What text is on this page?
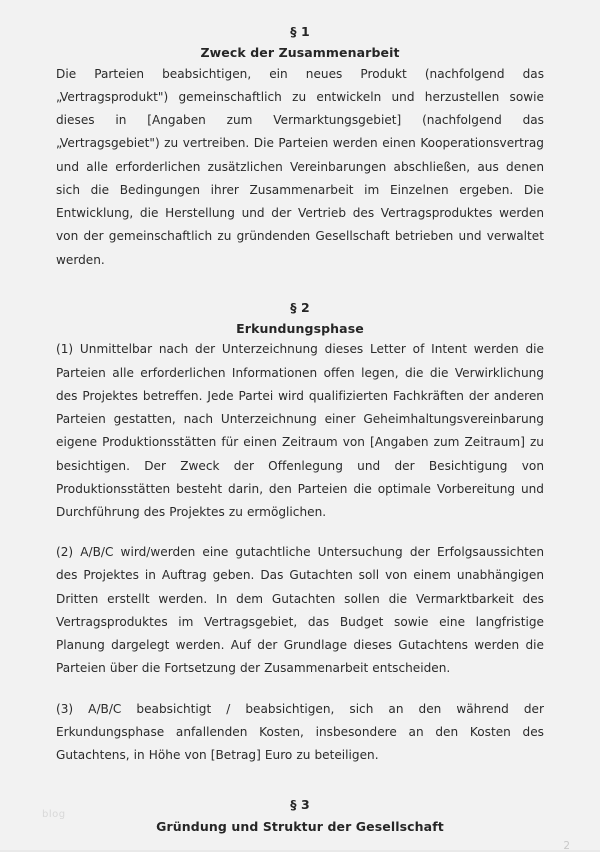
§ 1
Zweck der Zusammenarbeit

Die Parteien beabsichtigen, ein neues Produkt (nachfolgend das „Vertragsprodukt") gemeinschaftlich zu entwickeln und herzustellen sowie dieses in [Angaben zum Vermarktungsgebiet] (nachfolgend das „Vertragsgebiet") zu vertreiben. Die Parteien werden einen Kooperationsvertrag und alle erforderlichen zusätzlichen Vereinbarungen abschließen, aus denen sich die Bedingungen ihrer Zusammenarbeit im Einzelnen ergeben. Die Entwicklung, die Herstellung und der Vertrieb des Vertragsproduktes werden von der gemeinschaftlich zu gründenden Gesellschaft betrieben und verwaltet werden.

§ 2
Erkundungsphase

(1) Unmittelbar nach der Unterzeichnung dieses Letter of Intent werden die Parteien alle erforderlichen Informationen offen legen, die die Verwirklichung des Projektes betreffen. Jede Partei wird qualifizierten Fachkräften der anderen Parteien gestatten, nach Unterzeichnung einer Geheimhaltungsvereinbarung eigene Produktionsstätten für einen Zeitraum von [Angaben zum Zeitraum] zu besichtigen. Der Zweck der Offenlegung und der Besichtigung von Produktionsstätten besteht darin, den Parteien die optimale Vorbereitung und Durchführung des Projektes zu ermöglichen.

(2) A/B/C wird/werden eine gutachtliche Untersuchung der Erfolgsaussichten des Projektes in Auftrag geben. Das Gutachten soll von einem unabhängigen Dritten erstellt werden. In dem Gutachten sollen die Vermarktbarkeit des Vertragsproduktes im Vertragsgebiet, das Budget sowie eine langfristige Planung dargelegt werden. Auf der Grundlage dieses Gutachtens werden die Parteien über die Fortsetzung der Zusammenarbeit entscheiden.

(3) A/B/C beabsichtigt / beabsichtigen, sich an den während der Erkundungsphase anfallenden Kosten, insbesondere an den Kosten des Gutachtens, in Höhe von [Betrag] Euro zu beteiligen.

§ 3
Gründung und Struktur der Gesellschaft
blog
2
